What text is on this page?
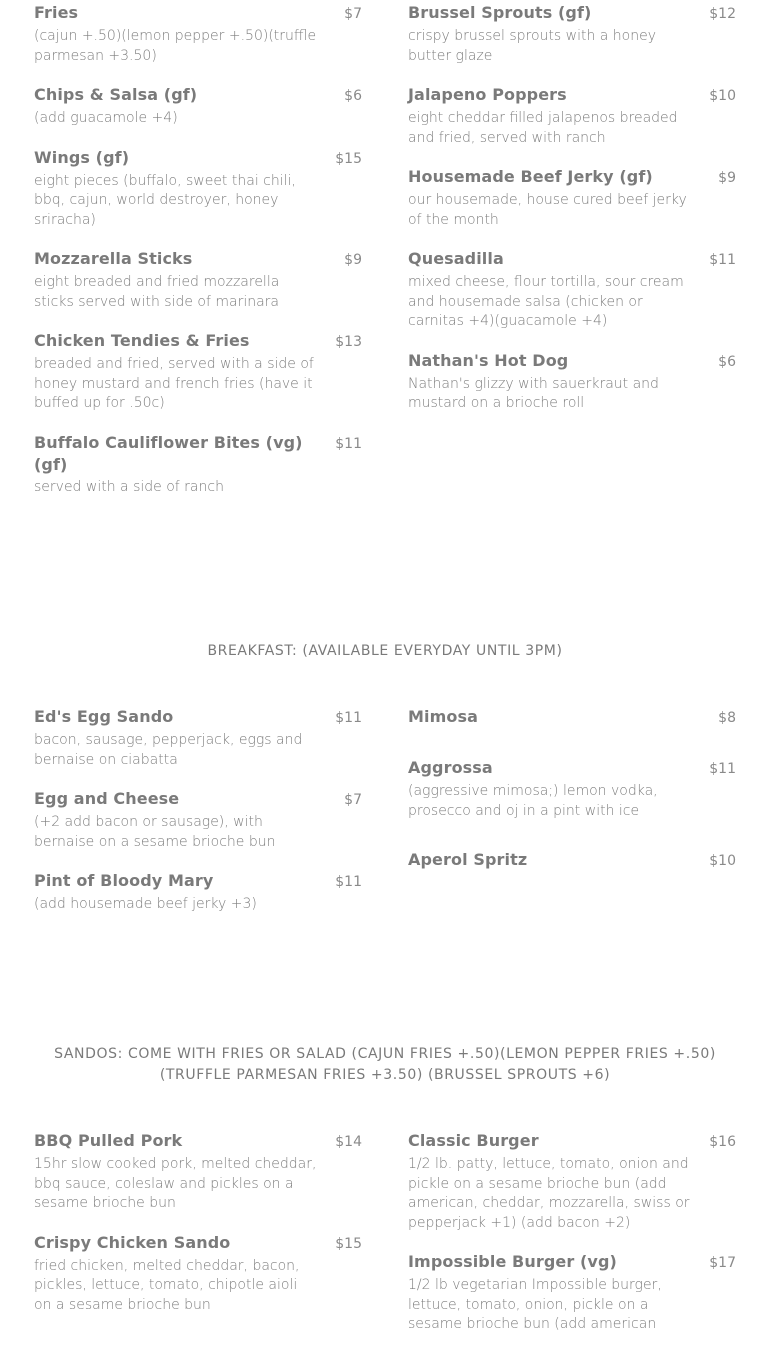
Fries	$7
(cajun +.50)(lemon pepper +.50)(truffle parmesan +3.50)
Chips & Salsa (gf)	$6
(add guacamole +4)
Wings (gf)	$15
eight pieces (buffalo, sweet thai chili, bbq, cajun, world destroyer, honey sriracha)
Mozzarella Sticks	$9
eight breaded and fried mozzarella sticks served with side of marinara
Chicken Tendies & Fries	$13
breaded and fried, served with a side of honey mustard and french fries (have it buffed up for .50c)
Buffalo Cauliflower Bites (vg)(gf)
$11
served with a side of ranch
Brussel Sprouts (gf)	$12
crispy brussel sprouts with a honey butter glaze
Jalapeno Poppers	$10
eight cheddar filled jalapenos breaded and fried, served with ranch
Housemade Beef Jerky (gf)	$9
our housemade, house cured beef jerky of the month
Quesadilla	$11
mixed cheese, flour tortilla, sour cream and housemade salsa (chicken or carnitas +4)(guacamole +4)
Nathan's Hot Dog	$6
Nathan's glizzy with sauerkraut and mustard on a brioche roll
BREAKFAST: (AVAILABLE EVERYDAY UNTIL 3PM)
Ed's Egg Sando	$11
bacon, sausage, pepperjack, eggs and bernaise on ciabatta
Egg and Cheese	$7
(+2 add bacon or sausage), with bernaise on a sesame brioche bun
Pint of Bloody Mary	$11
(add housemade beef jerky +3)
Mimosa	$8
Aggrossa	$11
(aggressive mimosa;) lemon vodka, prosecco and oj in a pint with ice
Aperol Spritz	$10
SANDOS: COME WITH FRIES OR SALAD (CAJUN FRIES +.50)(LEMON PEPPER FRIES +.50)
(TRUFFLE PARMESAN FRIES +3.50) (BRUSSEL SPROUTS +6)
BBQ Pulled Pork	$14
15hr slow cooked pork, melted cheddar, bbq sauce, coleslaw and pickles on a sesame brioche bun
Crispy Chicken Sando	$15
fried chicken, melted cheddar, bacon, pickles, lettuce, tomato, chipotle aioli on a sesame brioche bun
Classic Burger	$16
1/2 lb. patty, lettuce, tomato, onion and pickle on a sesame brioche bun (add american, cheddar, mozzarella, swiss or pepperjack +1) (add bacon +2)
Impossible Burger (vg)	$17
1/2 lb vegetarian Impossible burger, lettuce, tomato, onion, pickle on a sesame brioche bun (add american
